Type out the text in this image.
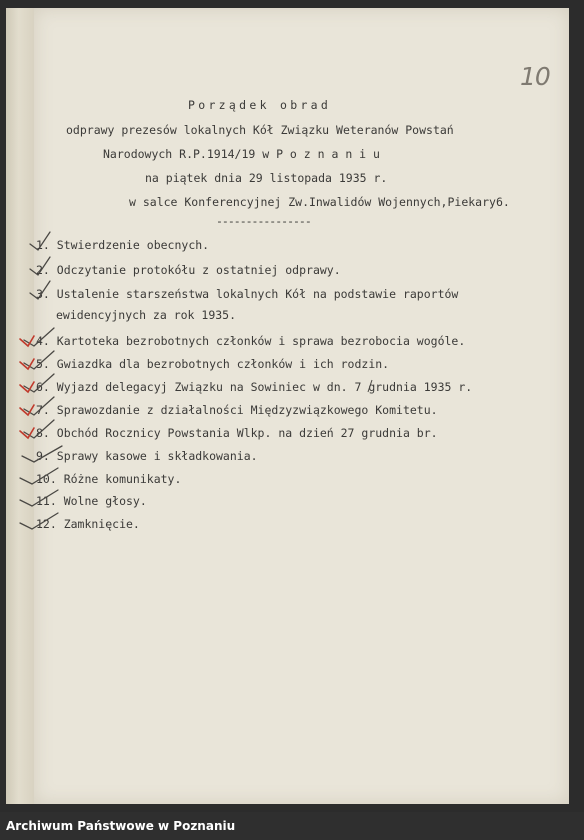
10
Porządek obrad
odprawy prezesów lokalnych Kół Związku Weteranów Powstań
Narodowych R.P.1914/19 w P o z n a n i u
na piątek dnia 29 listopada 1935 r.
w salce Konferencyjnej Zw.Inwalidów Wojennych,Piekary6.
----------------
1. Stwierdzenie obecnych.
2. Odczytanie protokółu z ostatniej odprawy.
3. Ustalenie starszeństwa lokalnych Kół na podstawie raportów
ewidencyjnych za rok 1935.
4. Kartoteka bezrobotnych członków i sprawa bezrobocia wogóle.
5. Gwiazdka dla bezrobotnych członków i ich rodzin.
6. Wyjazd delegacyj Związku na Sowiniec w dn. 7 grudnia 1935 r.
7. Sprawozdanie z działalności Międzyzwiązkowego Komitetu.
8. Obchód Rocznicy Powstania Wlkp. na dzień 27 grudnia br.
9. Sprawy kasowe i składkowania.
10. Różne komunikaty.
11. Wolne głosy.
12. Zamknięcie.
Archiwum Państwowe w Poznaniu
